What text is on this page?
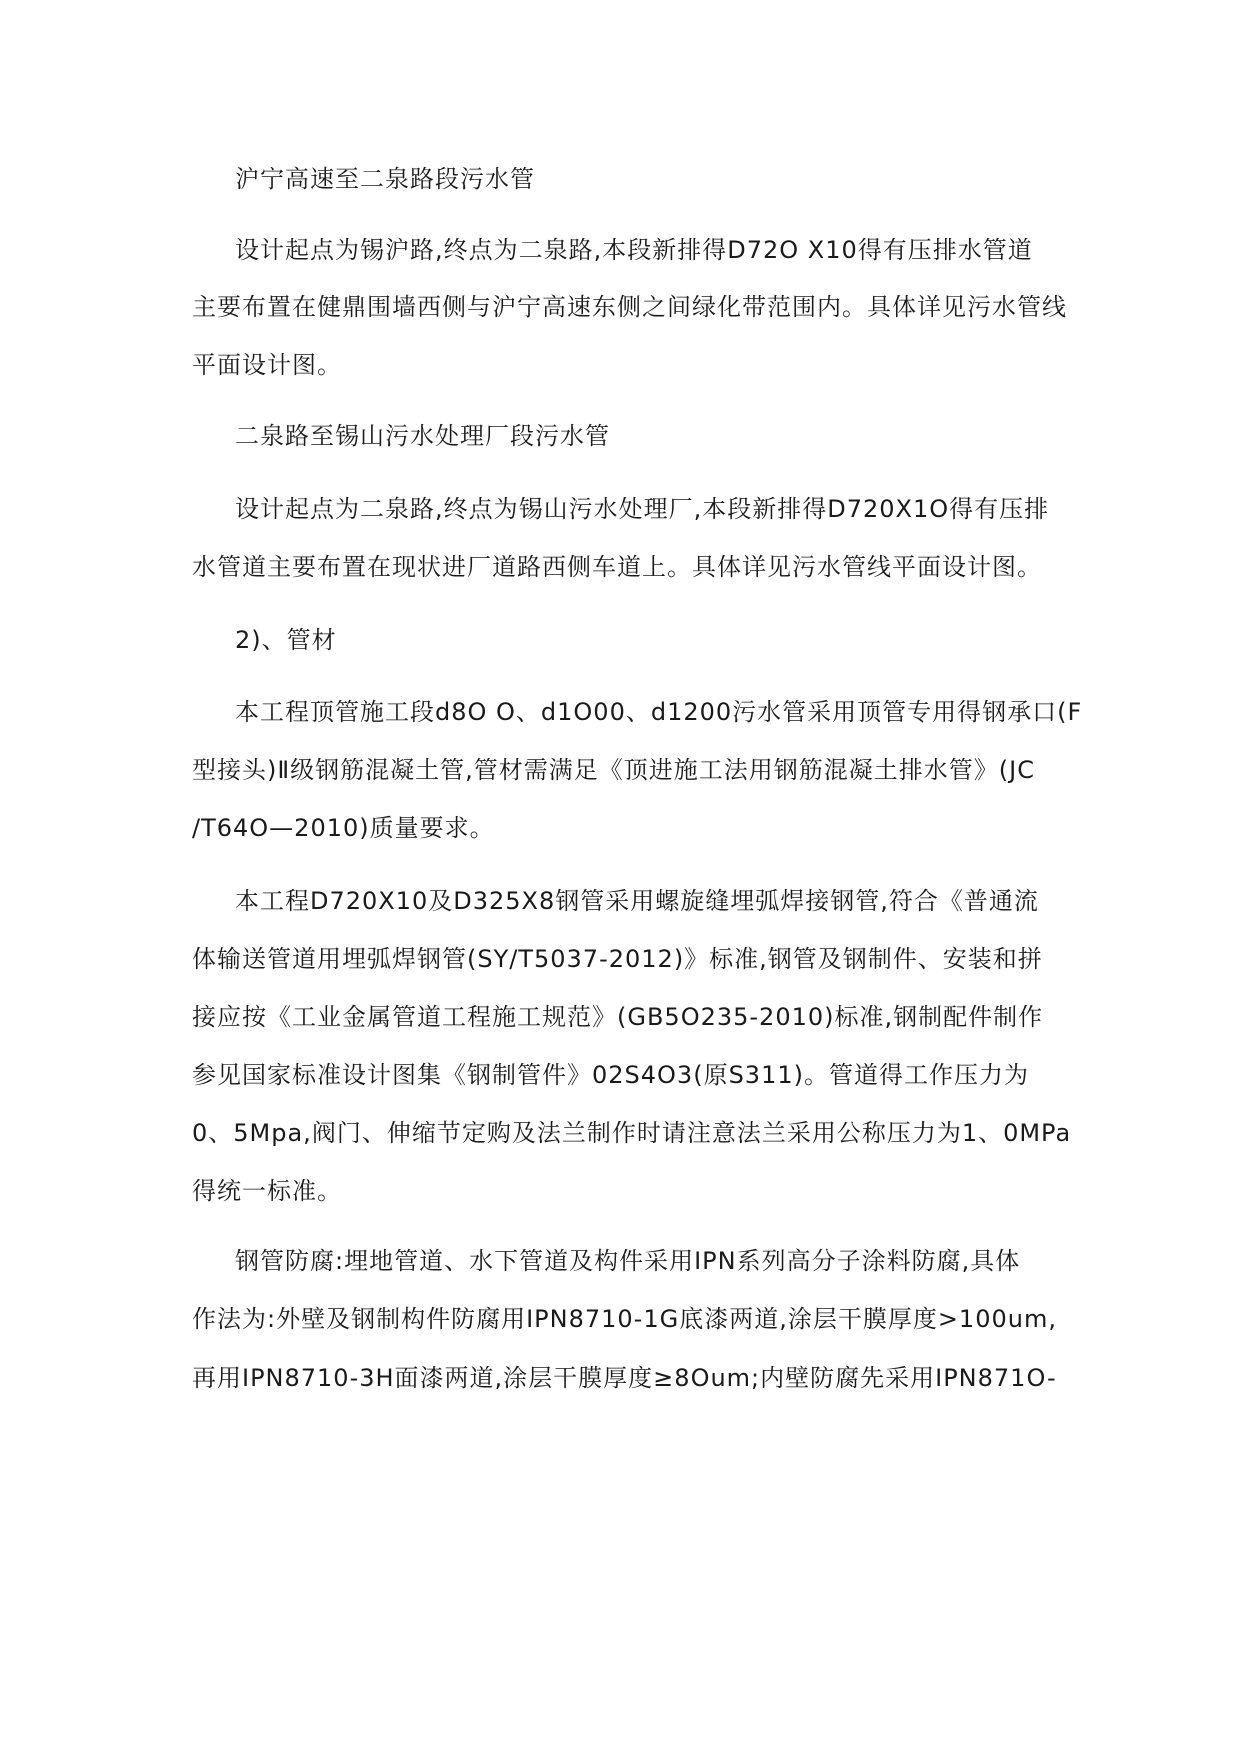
沪宁高速至二泉路段污水管
设计起点为锡沪路,终点为二泉路,本段新排得D72O X10得有压排水管道
主要布置在健鼎围墙西侧与沪宁高速东侧之间绿化带范围内。具体详见污水管线
平面设计图。
二泉路至锡山污水处理厂段污水管
设计起点为二泉路,终点为锡山污水处理厂,本段新排得D720X1O得有压排
水管道主要布置在现状进厂道路西侧车道上。具体详见污水管线平面设计图。
2)、管材
本工程顶管施工段d8O O、d1O00、d1200污水管采用顶管专用得钢承口(F
型接头)Ⅱ级钢筋混凝土管,管材需满足《顶进施工法用钢筋混凝土排水管》(JC
/T64O—2010)质量要求。
本工程D720X10及D325X8钢管采用螺旋缝埋弧焊接钢管,符合《普通流
体输送管道用埋弧焊钢管(SY/T5037-2012)》标准,钢管及钢制件、安装和拼
接应按《工业金属管道工程施工规范》(GB5O235-2010)标准,钢制配件制作
参见国家标准设计图集《钢制管件》02S4O3(原S311)。管道得工作压力为
0、5Mpa,阀门、伸缩节定购及法兰制作时请注意法兰采用公称压力为1、0MPa
得统一标准。
钢管防腐:埋地管道、水下管道及构件采用IPN系列高分子涂料防腐,具体
作法为:外壁及钢制构件防腐用IPN8710-1G底漆两道,涂层干膜厚度>100um,
再用IPN8710-3H面漆两道,涂层干膜厚度≥8Oum;内壁防腐先采用IPN871O-
